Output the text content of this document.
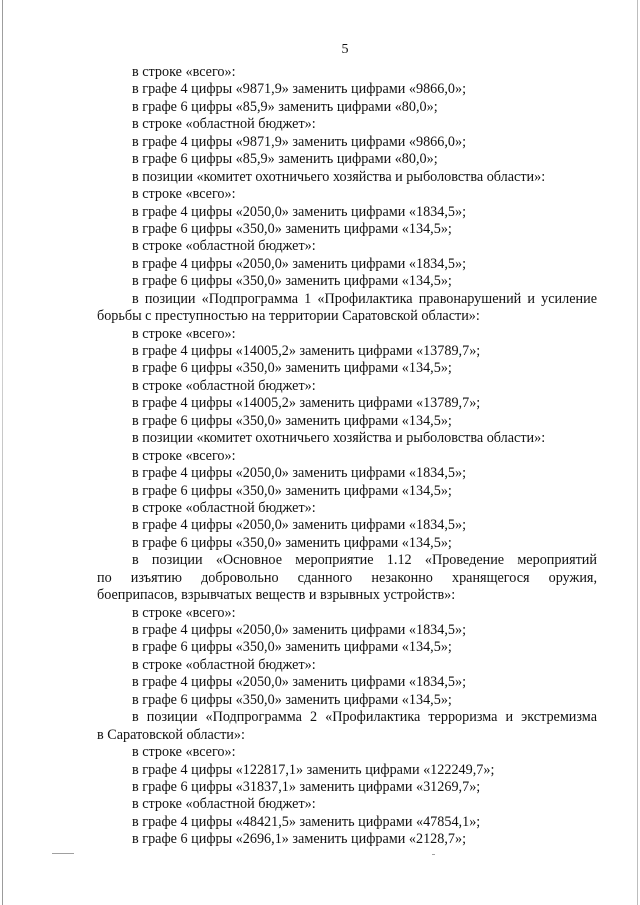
5
в строке «всего»:
в графе 4 цифры «9871,9» заменить цифрами «9866,0»;
в графе 6 цифры «85,9» заменить цифрами «80,0»;
в строке «областной бюджет»:
в графе 4 цифры «9871,9» заменить цифрами «9866,0»;
в графе 6 цифры «85,9» заменить цифрами «80,0»;
в позиции «комитет охотничьего хозяйства и рыболовства области»:
в строке «всего»:
в графе 4 цифры «2050,0» заменить цифрами «1834,5»;
в графе 6 цифры «350,0» заменить цифрами «134,5»;
в строке «областной бюджет»:
в графе 4 цифры «2050,0» заменить цифрами «1834,5»;
в графе 6 цифры «350,0» заменить цифрами «134,5»;
в позиции «Подпрограмма 1 «Профилактика правонарушений и усиление
борьбы с преступностью на территории Саратовской области»:
в строке «всего»:
в графе 4 цифры «14005,2» заменить цифрами «13789,7»;
в графе 6 цифры «350,0» заменить цифрами «134,5»;
в строке «областной бюджет»:
в графе 4 цифры «14005,2» заменить цифрами «13789,7»;
в графе 6 цифры «350,0» заменить цифрами «134,5»;
в позиции «комитет охотничьего хозяйства и рыболовства области»:
в строке «всего»:
в графе 4 цифры «2050,0» заменить цифрами «1834,5»;
в графе 6 цифры «350,0» заменить цифрами «134,5»;
в строке «областной бюджет»:
в графе 4 цифры «2050,0» заменить цифрами «1834,5»;
в графе 6 цифры «350,0» заменить цифрами «134,5»;
в позиции «Основное мероприятие 1.12 «Проведение мероприятий
по изъятию добровольно сданного незаконно хранящегося оружия,
боеприпасов, взрывчатых веществ и взрывных устройств»:
в строке «всего»:
в графе 4 цифры «2050,0» заменить цифрами «1834,5»;
в графе 6 цифры «350,0» заменить цифрами «134,5»;
в строке «областной бюджет»:
в графе 4 цифры «2050,0» заменить цифрами «1834,5»;
в графе 6 цифры «350,0» заменить цифрами «134,5»;
в позиции «Подпрограмма 2 «Профилактика терроризма и экстремизма
в Саратовской области»:
в строке «всего»:
в графе 4 цифры «122817,1» заменить цифрами «122249,7»;
в графе 6 цифры «31837,1» заменить цифрами «31269,7»;
в строке «областной бюджет»:
в графе 4 цифры «48421,5» заменить цифрами «47854,1»;
в графе 6 цифры «2696,1» заменить цифрами «2128,7»;
